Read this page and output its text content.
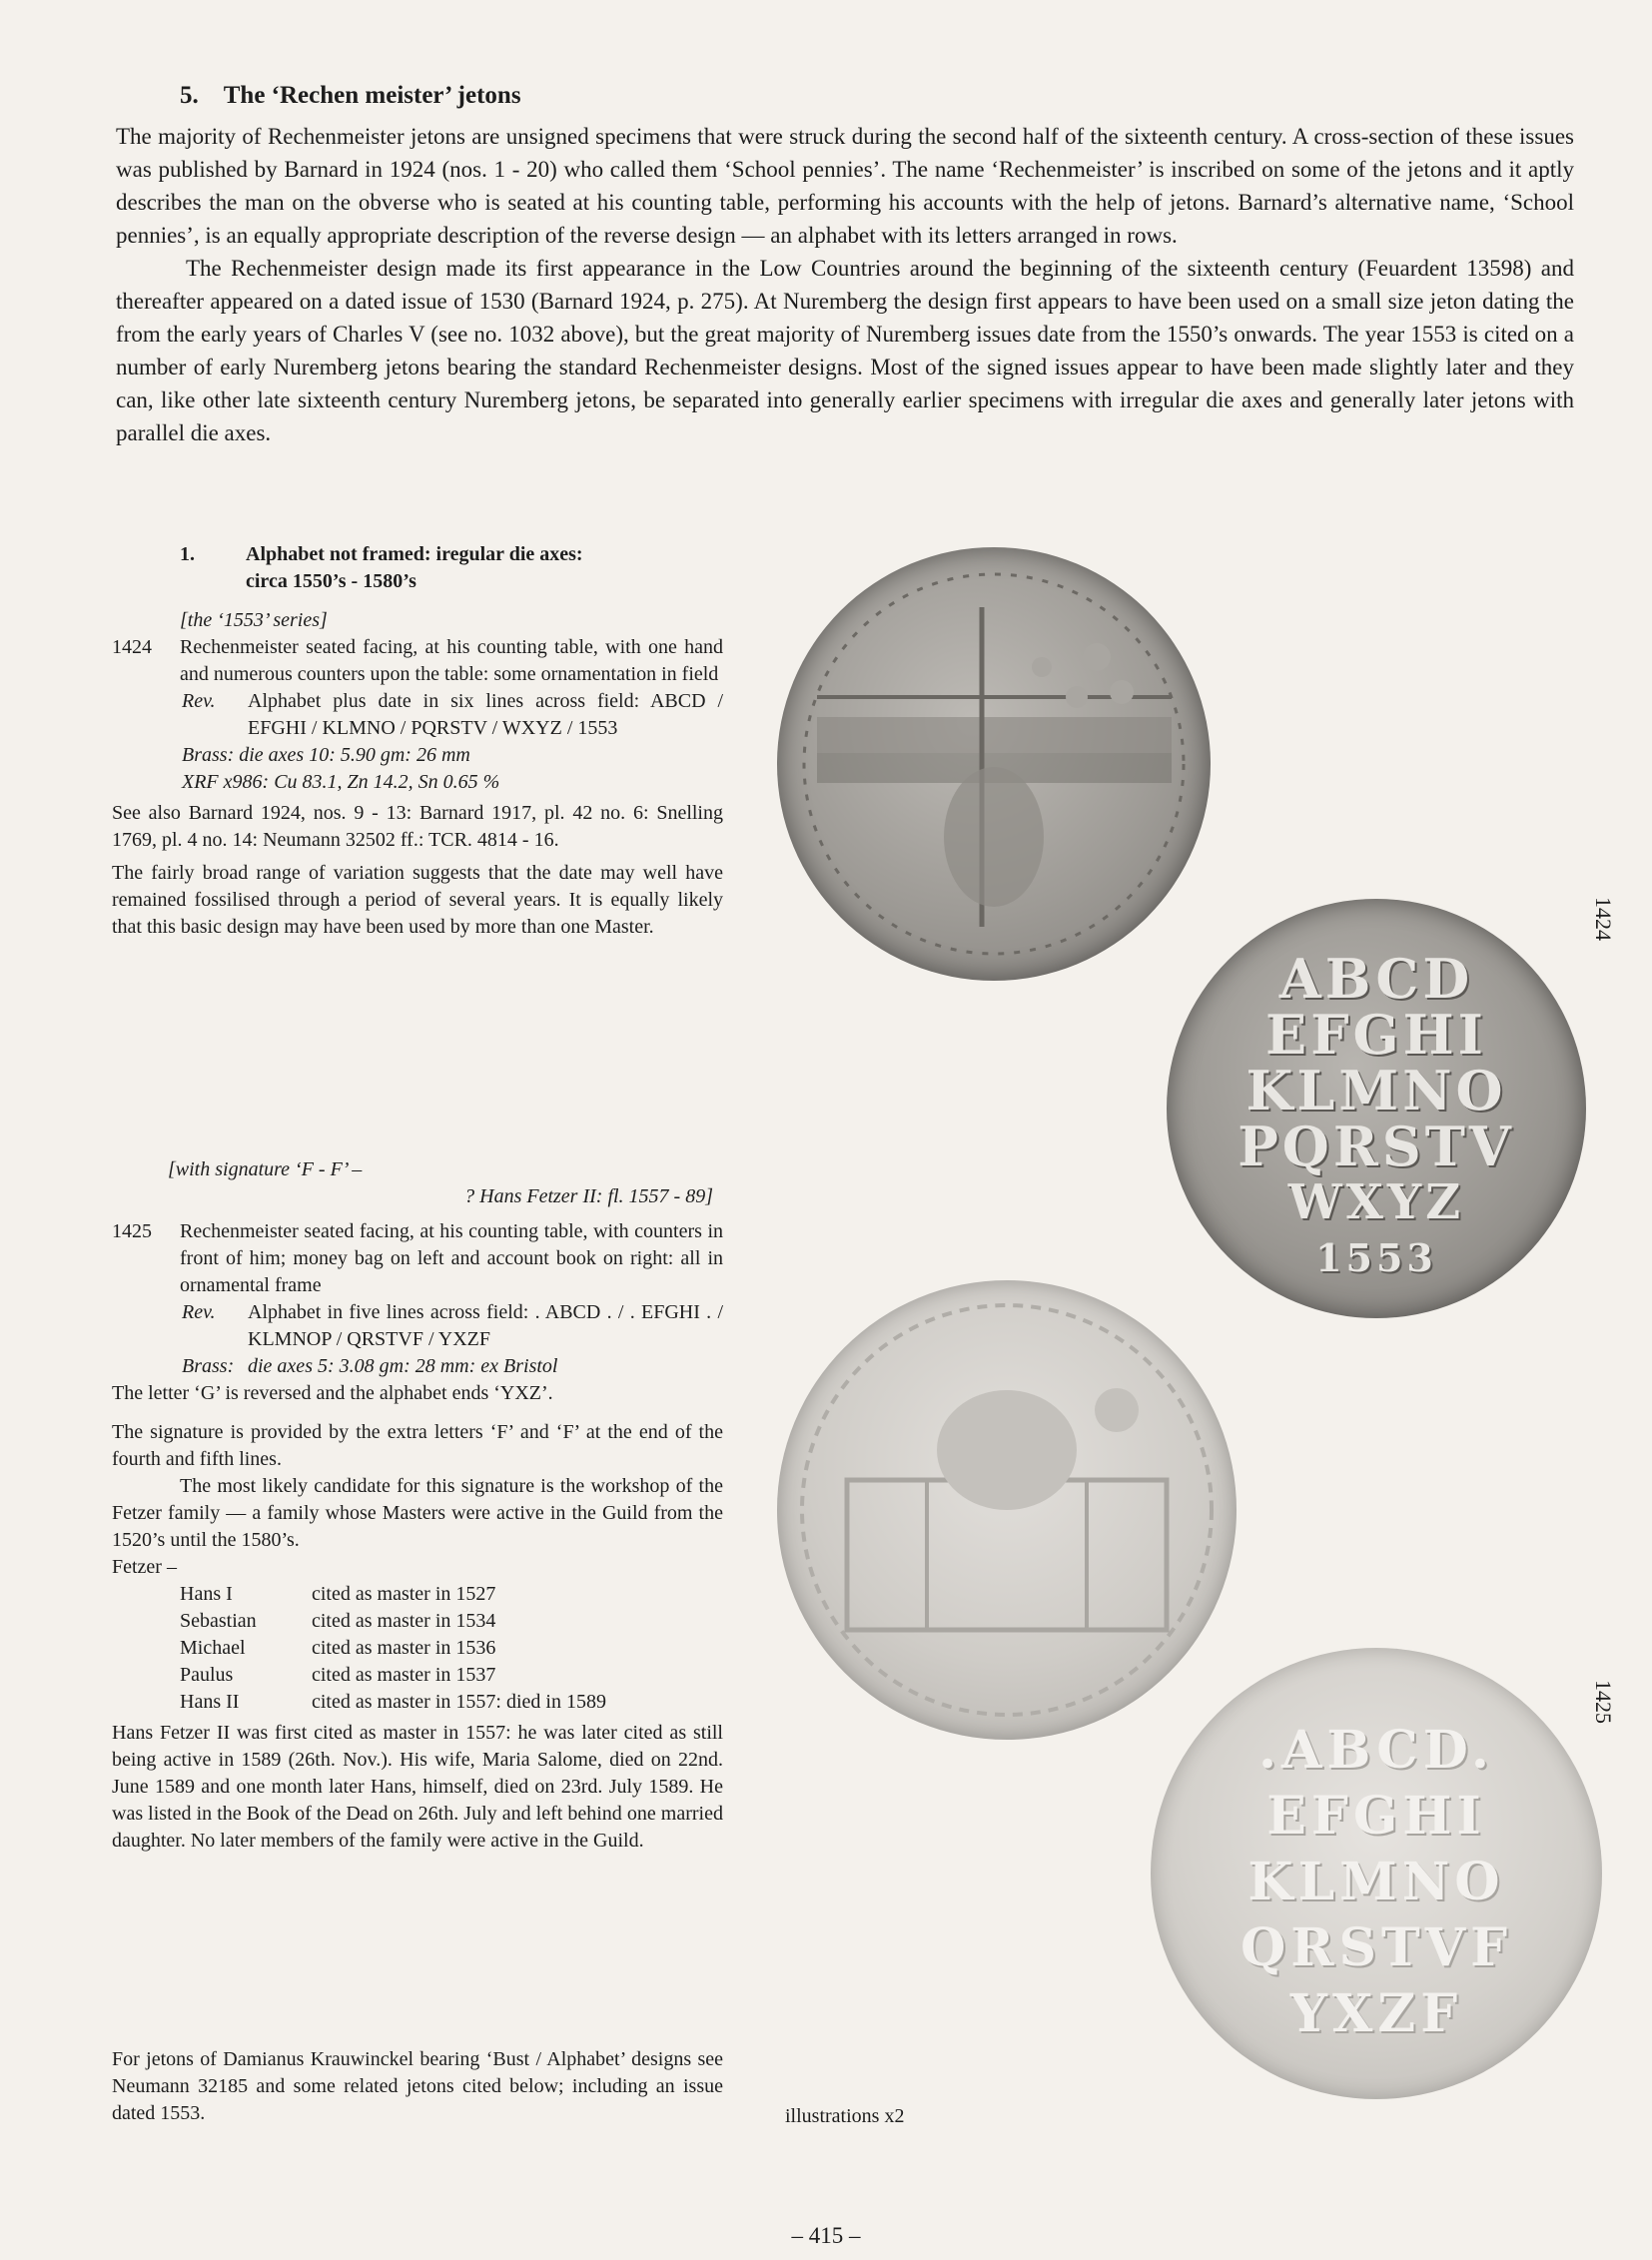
5.    The ‘Rechen meister’ jetons

The majority of Rechenmeister jetons are unsigned specimens that were struck during the second half of the sixteenth century. A cross-section of these issues was published by Barnard in 1924 (nos. 1 - 20) who called them ‘School pennies’. The name ‘Rechenmeister’ is inscribed on some of the jetons and it aptly describes the man on the obverse who is seated at his counting table, performing his accounts with the help of jetons. Barnard’s alternative name, ‘School pennies’, is an equally appropriate description of the reverse design — an alphabet with its letters arranged in rows.

The Rechenmeister design made its first appearance in the Low Countries around the beginning of the sixteenth century (Feuardent 13598) and thereafter appeared on a dated issue of 1530 (Barnard 1924, p. 275). At Nuremberg the design first appears to have been used on a small size jeton dating the from the early years of Charles V (see no. 1032 above), but the great majority of Nuremberg issues date from the 1550’s onwards. The year 1553 is cited on a number of early Nuremberg jetons bearing the standard Rechenmeister designs. Most of the signed issues appear to have been made slightly later and they can, like other late sixteenth century Nuremberg jetons, be separated into generally earlier specimens with irregular die axes and generally later jetons with parallel die axes.

1.	Alphabet not framed: iregular die axes:
circa 1550’s - 1580’s
[the ‘1553’ series]
1424	Rechenmeister seated facing, at his counting table, with one hand and numerous counters upon the table: some ornamentation in field
Rev.	Alphabet plus date in six lines across field: ABCD / EFGHI / KLMNO / PQRSTV / WXYZ / 1553
Brass: die axes 10: 5.90 gm: 26 mm
XRF x986: Cu 83.1, Zn 14.2, Sn 0.65 %

See also Barnard 1924, nos. 9 - 13: Barnard 1917, pl. 42 no. 6: Snelling 1769, pl. 4 no. 14: Neumann 32502 ff.: TCR. 4814 - 16.

The fairly broad range of variation suggests that the date may well have remained fossilised through a period of several years. It is equally likely that this basic design may have been used by more than one Master.

[with signature ‘F - F’ –
? Hans Fetzer II: fl. 1557 - 89]
1425	Rechenmeister seated facing, at his counting table, with counters in front of him; money bag on left and account book on right: all in ornamental frame
Rev.	Alphabet in five lines across field: . ABCD . / . EFGHI . / KLMNOP / QRSTVF / YXZF
Brass: die axes 5: 3.08 gm: 28 mm: ex Bristol

The letter ‘G’ is reversed and the alphabet ends ‘YXZ’.

The signature is provided by the extra letters ‘F’ and ‘F’ at the end of the fourth and fifth lines.

The most likely candidate for this signature is the workshop of the Fetzer family — a family whose Masters were active in the Guild from the 1520’s until the 1580’s.

Fetzer –

Hans I	cited as master in 1527
Sebastian	cited as master in 1534
Michael	cited as master in 1536
Paulus	cited as master in 1537
Hans II	cited as master in 1557: died in 1589

Hans Fetzer II was first cited as master in 1557: he was later cited as still being active in 1589 (26th. Nov.). His wife, Maria Salome, died on 22nd. June 1589 and one month later Hans, himself, died on 23rd. July 1589. He was listed in the Book of the Dead on 26th. July and left behind one married daughter. No later members of the family were active in the Guild.

For jetons of Damianus Krauwinckel bearing ‘Bust / Alphabet’ designs see Neumann 32185 and some related jetons cited below; including an issue dated 1553.

ABCD
EFGHI
KLMNO
PQRSTV
WXYZ
1553
.ABCD.
EFGHI
KLMNO
QRSTVF
YXZF
1424
1425
illustrations x2
– 415 –
